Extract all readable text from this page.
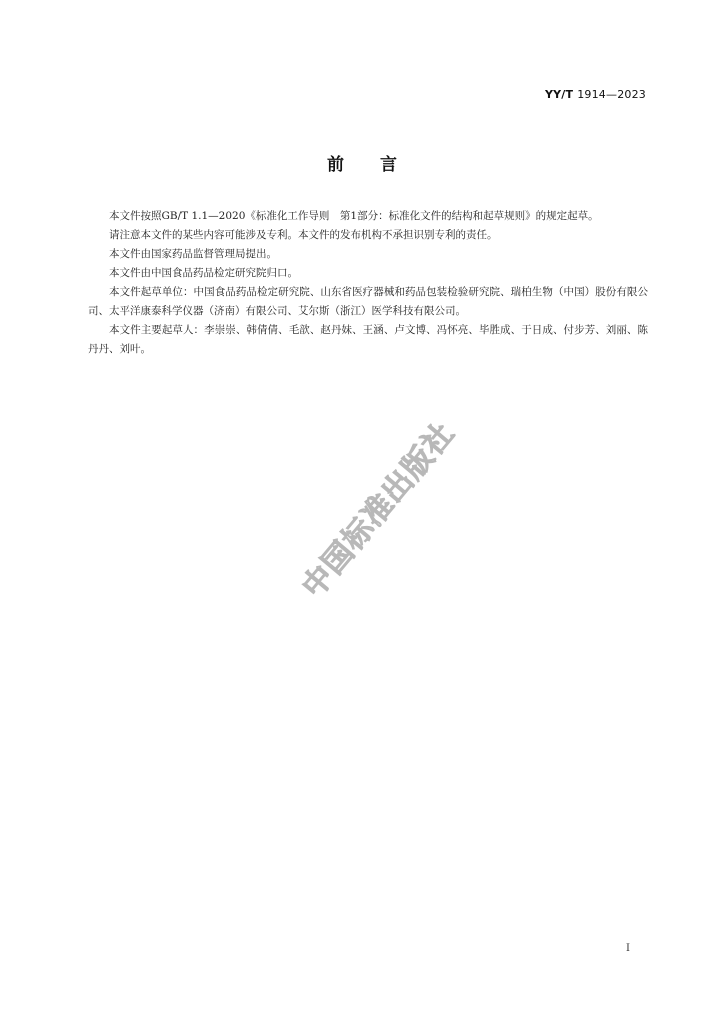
YY/T 1914—2023
前 言

本文件按照GB/T 1.1—2020《标准化工作导则　第1部分：标准化文件的结构和起草规则》的规定起草。

请注意本文件的某些内容可能涉及专利。本文件的发布机构不承担识别专利的责任。

本文件由国家药品监督管理局提出。

本文件由中国食品药品检定研究院归口。

本文件起草单位：中国食品药品检定研究院、山东省医疗器械和药品包装检验研究院、瑞柏生物（中国）股份有限公司、太平洋康泰科学仪器（济南）有限公司、艾尔斯（浙江）医学科技有限公司。

本文件主要起草人：李崇崇、韩倩倩、毛歆、赵丹妹、王涵、卢文博、冯怀亮、毕胜成、于日成、付步芳、刘丽、陈丹丹、刘叶。

中国标准出版社
I
